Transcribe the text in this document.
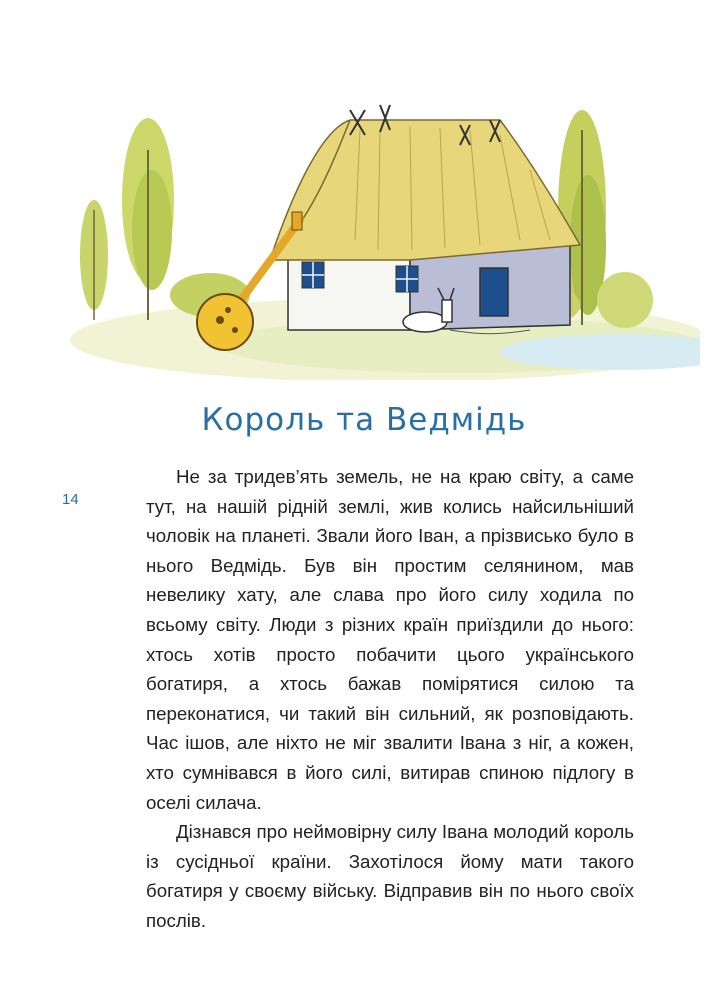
Король та Ведмідь
14

Не за тридев’ять земель, не на краю світу, а саме тут, на нашій рідній землі, жив колись найсильніший чоловік на планеті. Звали його Іван, а прізвисько було в нього Ведмідь. Був він простим селянином, мав невелику хату, але слава про його силу ходила по всьому світу. Люди з різних країн приїздили до нього: хтось хотів просто побачити цього українського богатиря, а хтось бажав помірятися силою та переконатися, чи такий він сильний, як розповідають. Час ішов, але ніхто не міг звалити Івана з ніг, а кожен, хто сумнівався в його силі, витирав спиною підлогу в оселі силача.

Дізнався про неймовірну силу Івана молодий король із сусідньої країни. Захотілося йому мати такого богатиря у своєму війську. Відправив він по нього своїх послів.
